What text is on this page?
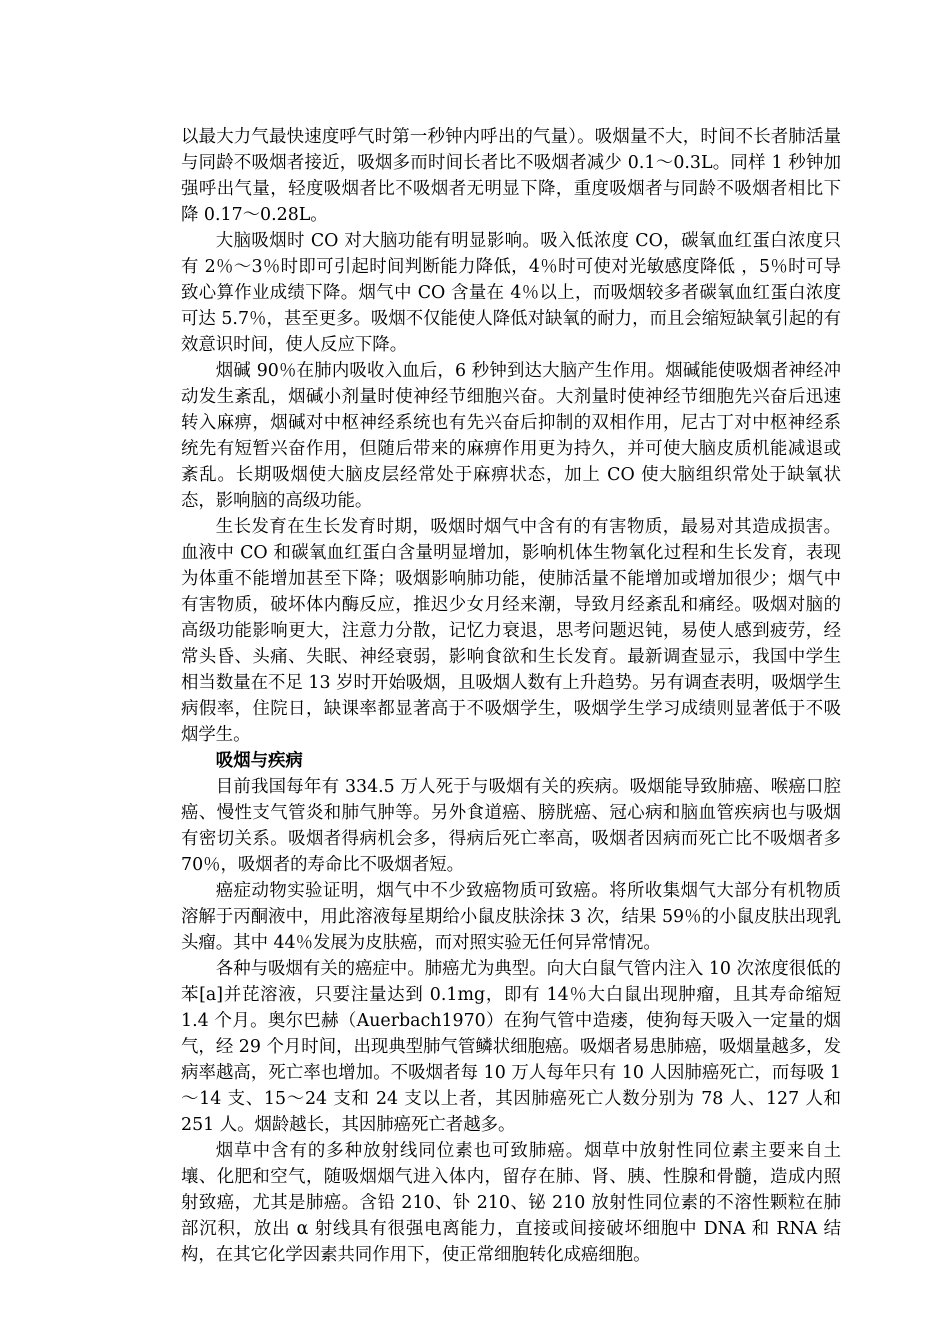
以最大力气最快速度呼气时第一秒钟内呼出的气量）。吸烟量不大，时间不长者肺活量与同龄不吸烟者接近，吸烟多而时间长者比不吸烟者减少 0.1～0.3L。同样 1 秒钟加强呼出气量，轻度吸烟者比不吸烟者无明显下降，重度吸烟者与同龄不吸烟者相比下降 0.17～0.28L。

大脑吸烟时 CO 对大脑功能有明显影响。吸入低浓度 CO，碳氧血红蛋白浓度只有 2％～3％时即可引起时间判断能力降低，4％时可使对光敏感度降低 ，5％时可导致心算作业成绩下降。烟气中 CO 含量在 4％以上，而吸烟较多者碳氧血红蛋白浓度可达 5.7％，甚至更多。吸烟不仅能使人降低对缺氧的耐力，而且会缩短缺氧引起的有效意识时间，使人反应下降。

烟碱 90％在肺内吸收入血后，6 秒钟到达大脑产生作用。烟碱能使吸烟者神经冲动发生紊乱，烟碱小剂量时使神经节细胞兴奋。大剂量时使神经节细胞先兴奋后迅速转入麻痹，烟碱对中枢神经系统也有先兴奋后抑制的双相作用，尼古丁对中枢神经系统先有短暂兴奋作用，但随后带来的麻痹作用更为持久，并可使大脑皮质机能减退或紊乱。长期吸烟使大脑皮层经常处于麻痹状态，加上 CO 使大脑组织常处于缺氧状态，影响脑的高级功能。

生长发育在生长发育时期，吸烟时烟气中含有的有害物质，最易对其造成损害。血液中 CO 和碳氧血红蛋白含量明显增加，影响机体生物氧化过程和生长发育，表现为体重不能增加甚至下降；吸烟影响肺功能，使肺活量不能增加或增加很少；烟气中有害物质，破坏体内酶反应，推迟少女月经来潮，导致月经紊乱和痛经。吸烟对脑的高级功能影响更大，注意力分散，记忆力衰退，思考问题迟钝，易使人感到疲劳，经常头昏、头痛、失眠、神经衰弱，影响食欲和生长发育。最新调查显示，我国中学生相当数量在不足 13 岁时开始吸烟，且吸烟人数有上升趋势。另有调查表明，吸烟学生病假率，住院日，缺课率都显著高于不吸烟学生，吸烟学生学习成绩则显著低于不吸烟学生。

吸烟与疾病

目前我国每年有 334.5 万人死于与吸烟有关的疾病。吸烟能导致肺癌、喉癌口腔癌、慢性支气管炎和肺气肿等。另外食道癌、膀胱癌、冠心病和脑血管疾病也与吸烟有密切关系。吸烟者得病机会多，得病后死亡率高，吸烟者因病而死亡比不吸烟者多 70％，吸烟者的寿命比不吸烟者短。

癌症动物实验证明，烟气中不少致癌物质可致癌。将所收集烟气大部分有机物质溶解于丙酮液中，用此溶液每星期给小鼠皮肤涂抹 3 次，结果 59％的小鼠皮肤出现乳头瘤。其中 44％发展为皮肤癌，而对照实验无任何异常情况。

各种与吸烟有关的癌症中。肺癌尤为典型。向大白鼠气管内注入 10 次浓度很低的苯[a]并芘溶液，只要注量达到 0.1mg，即有 14％大白鼠出现肿瘤，且其寿命缩短 1.4 个月。奥尔巴赫（Auerbach1970）在狗气管中造瘘，使狗每天吸入一定量的烟气，经 29 个月时间，出现典型肺气管鳞状细胞癌。吸烟者易患肺癌，吸烟量越多，发病率越高，死亡率也增加。不吸烟者每 10 万人每年只有 10 人因肺癌死亡，而每吸 1～14 支、15～24 支和 24 支以上者，其因肺癌死亡人数分别为 78 人、127 人和 251 人。烟龄越长，其因肺癌死亡者越多。

烟草中含有的多种放射线同位素也可致肺癌。烟草中放射性同位素主要来自土壤、化肥和空气，随吸烟烟气进入体内，留存在肺、肾、胰、性腺和骨髓，造成内照射致癌，尤其是肺癌。含铅 210、钋 210、铋 210 放射性同位素的不溶性颗粒在肺部沉积，放出 α 射线具有很强电离能力，直接或间接破坏细胞中 DNA 和 RNA 结构，在其它化学因素共同作用下，使正常细胞转化成癌细胞。
